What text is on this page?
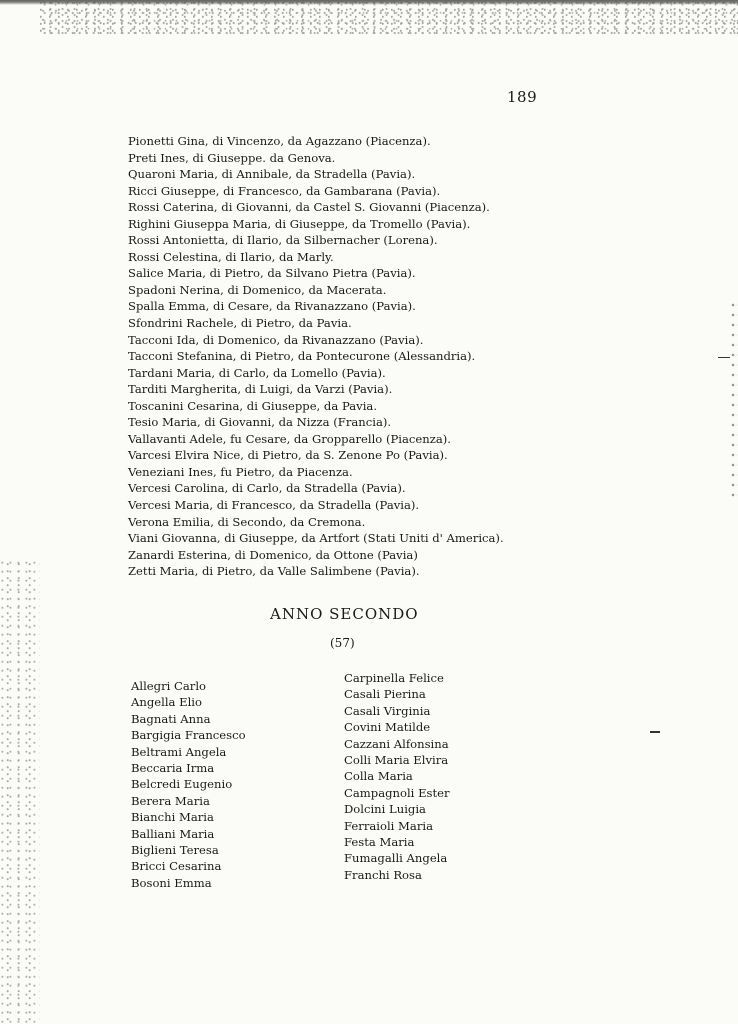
189
Pionetti Gina, di Vincenzo, da Agazzano (Piacenza).
Preti Ines, di Giuseppe. da Genova.
Quaroni Maria, di Annibale, da Stradella (Pavia).
Ricci Giuseppe, di Francesco, da Gambarana (Pavia).
Rossi Caterina, di Giovanni, da Castel S. Giovanni (Piacenza).
Righini Giuseppa Maria, di Giuseppe, da Tromello (Pavia).
Rossi Antonietta, di Ilario, da Silbernacher (Lorena).
Rossi Celestina, di Ilario, da Marly.
Salice Maria, di Pietro, da Silvano Pietra (Pavia).
Spadoni Nerina, di Domenico, da Macerata.
Spalla Emma, di Cesare, da Rivanazzano (Pavia).
Sfondrini Rachele, di Pietro, da Pavia.
Tacconi Ida, di Domenico, da Rivanazzano (Pavia).
Tacconi Stefanina, di Pietro, da Pontecurone (Alessandria).
Tardani Maria, di Carlo, da Lomello (Pavia).
Tarditi Margherita, di Luigi, da Varzi (Pavia).
Toscanini Cesarina, di Giuseppe, da Pavia.
Tesio Maria, di Giovanni, da Nizza (Francia).
Vallavanti Adele, fu Cesare, da Gropparello (Piacenza).
Varcesi Elvira Nice, di Pietro, da S. Zenone Po (Pavia).
Veneziani Ines, fu Pietro, da Piacenza.
Vercesi Carolina, di Carlo, da Stradella (Pavia).
Vercesi Maria, di Francesco, da Stradella (Pavia).
Verona Emilia, di Secondo, da Cremona.
Viani Giovanna, di Giuseppe, da Artfort (Stati Uniti d' America).
Zanardi Esterina, di Domenico, da Ottone (Pavia)
Zetti Maria, di Pietro, da Valle Salimbene (Pavia).
ANNO SECONDO
(57)
Allegri Carlo
Angella Elio
Bagnati Anna
Bargigia Francesco
Beltrami Angela
Beccaria Irma
Belcredi Eugenio
Berera Maria
Bianchi Maria
Balliani Maria
Biglieni Teresa
Bricci Cesarina
Bosoni Emma
Carpinella Felice
Casali Pierina
Casali Virginia
Covini Matilde
Cazzani Alfonsina
Colli Maria Elvira
Colla Maria
Campagnoli Ester
Dolcini Luigia
Ferraioli Maria
Festa Maria
Fumagalli Angela
Franchi Rosa
